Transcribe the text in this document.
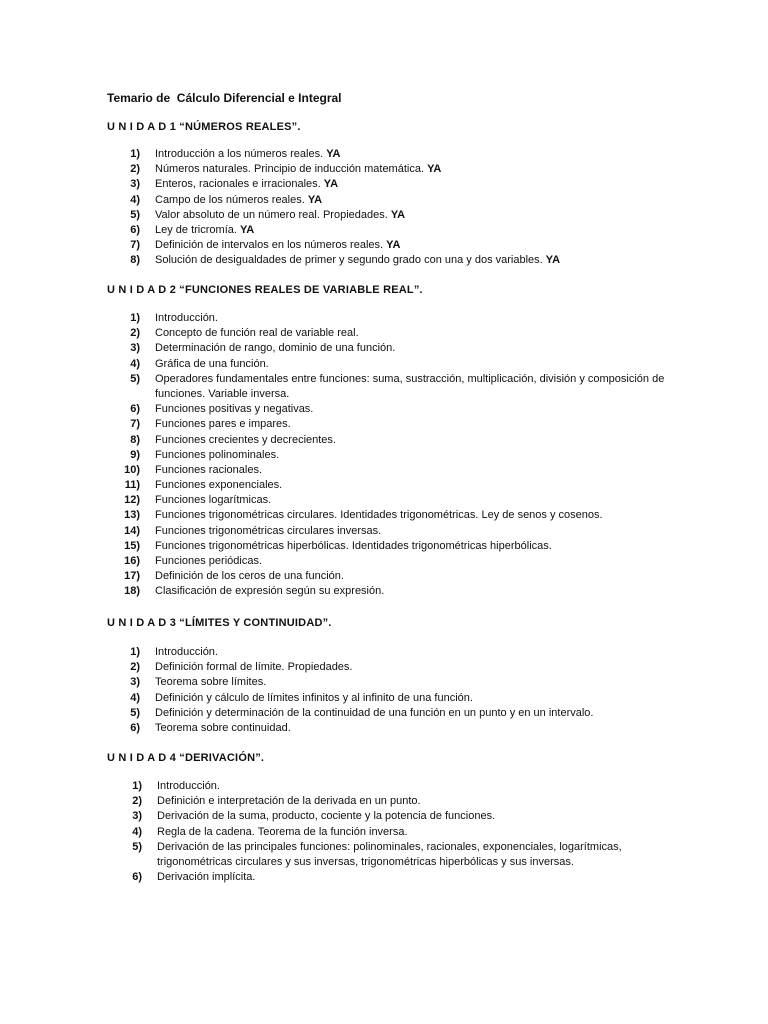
Temario de  Cálculo Diferencial e Integral
U N I D A D 1 “NÚMEROS REALES”.
1) Introducción a los números reales. YA
2) Números naturales. Principio de inducción matemática. YA
3) Enteros, racionales e irracionales. YA
4) Campo de los números reales. YA
5) Valor absoluto de un número real. Propiedades. YA
6) Ley de tricromía. YA
7) Definición de intervalos en los números reales. YA
8) Solución de desigualdades de primer y segundo grado con una y dos variables. YA
U N I D A D 2 “FUNCIONES REALES DE VARIABLE REAL”.
1) Introducción.
2) Concepto de función real de variable real.
3) Determinación de rango, dominio de una función.
4) Gráfica de una función.
5) Operadores fundamentales entre funciones: suma, sustracción, multiplicación, división y composición de funciones. Variable inversa.
6) Funciones positivas y negativas.
7) Funciones pares e impares.
8) Funciones crecientes y decrecientes.
9) Funciones polinominales.
10) Funciones racionales.
11) Funciones exponenciales.
12) Funciones logarítmicas.
13) Funciones trigonométricas circulares. Identidades trigonométricas. Ley de senos y cosenos.
14) Funciones trigonométricas circulares inversas.
15) Funciones trigonométricas hiperbólicas. Identidades trigonométricas hiperbólicas.
16) Funciones periódicas.
17) Definición de los ceros de una función.
18) Clasificación de expresión según su expresión.
U N I D A D 3 “LÍMITES Y CONTINUIDAD”.
1) Introducción.
2) Definición formal de límite. Propiedades.
3) Teorema sobre límites.
4) Definición y cálculo de límites infinitos y al infinito de una función.
5) Definición y determinación de la continuidad de una función en un punto y en un intervalo.
6) Teorema sobre continuidad.
U N I D A D 4 “DERIVACIÓN”.
1) Introducción.
2) Definición e interpretación de la derivada en un punto.
3) Derivación de la suma, producto, cociente y la potencia de funciones.
4) Regla de la cadena. Teorema de la función inversa.
5) Derivación de las principales funciones: polinominales, racionales, exponenciales, logarítmicas, trigonométricas circulares y sus inversas, trigonométricas hiperbólicas y sus inversas.
6) Derivación implícita.
